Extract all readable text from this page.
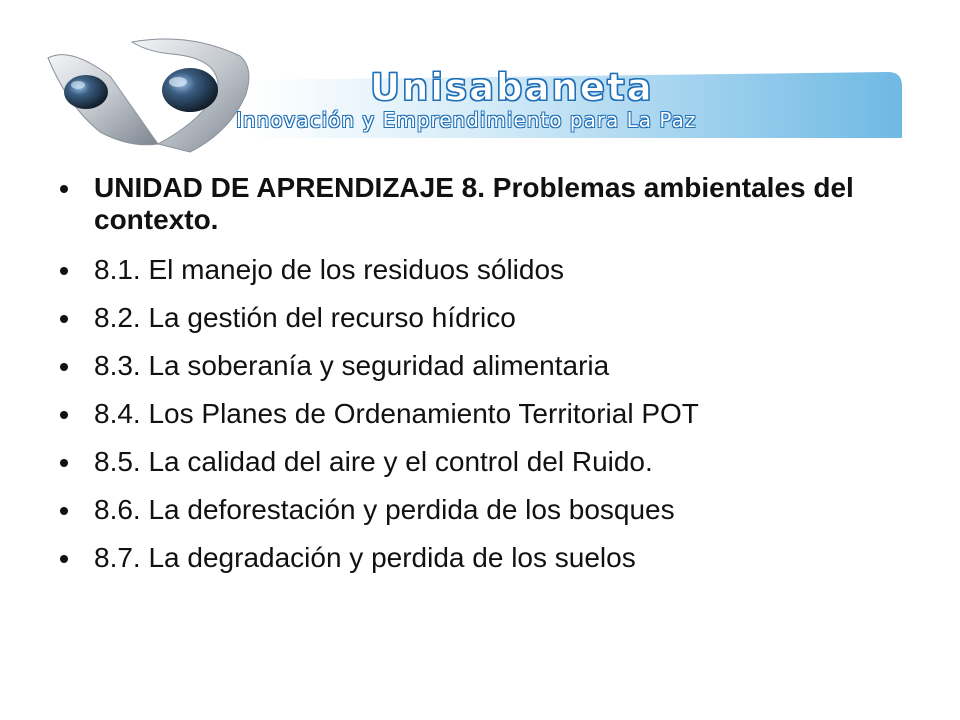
Unisabaneta
Innovación y Emprendimiento para La Paz
UNIDAD DE APRENDIZAJE 8. Problemas ambientales del contexto.
8.1. El manejo de los residuos sólidos
8.2. La gestión del recurso hídrico
8.3. La soberanía y seguridad alimentaria
8.4. Los Planes de Ordenamiento Territorial POT
8.5. La calidad del aire y el control del Ruido.
8.6. La deforestación y perdida de los bosques
8.7. La degradación y perdida de los suelos
